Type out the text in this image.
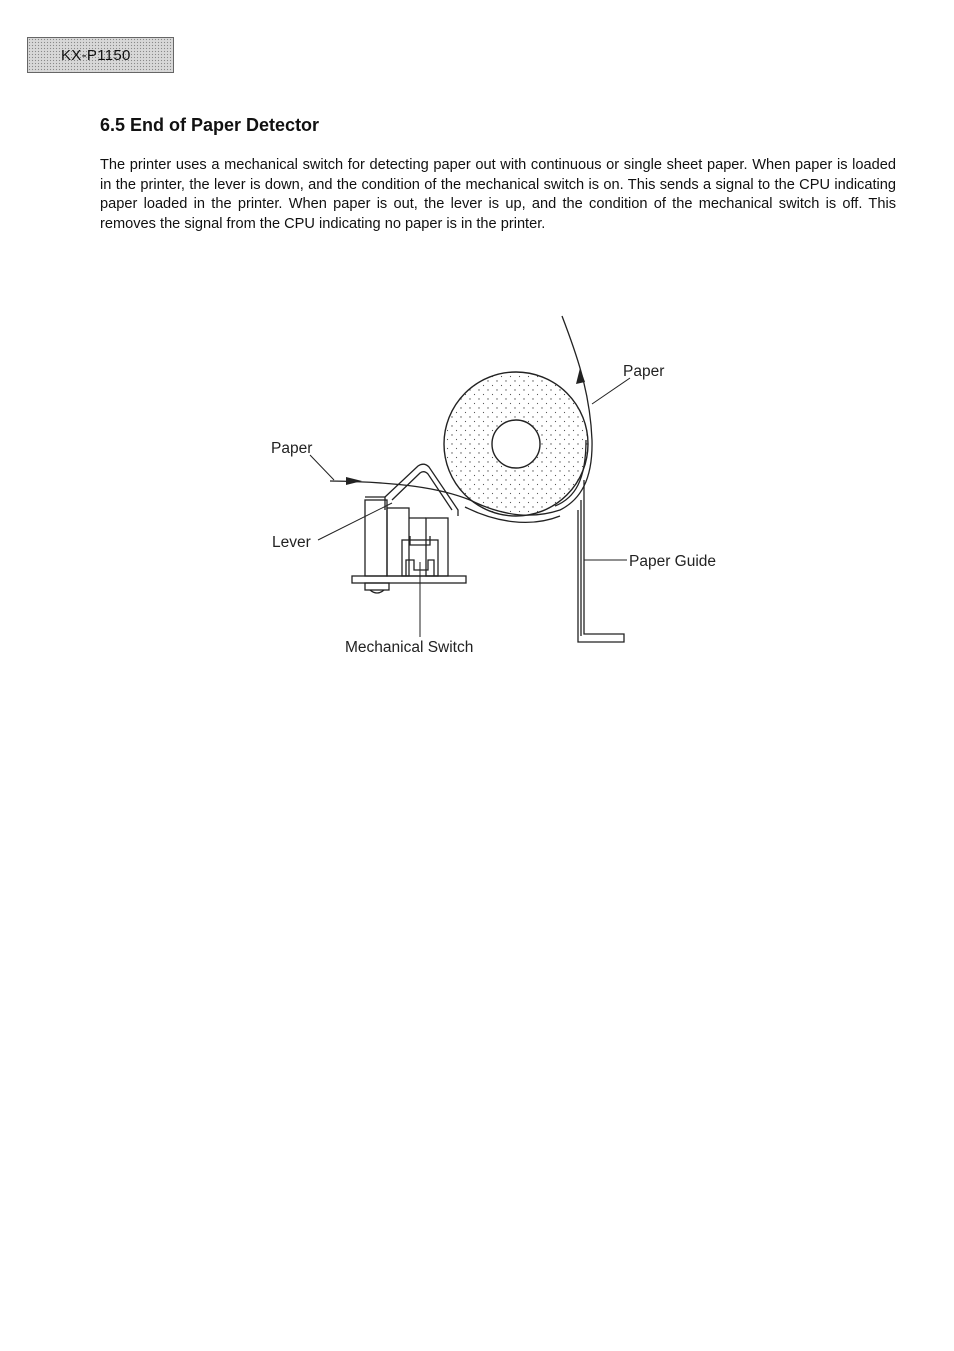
KX-P1150
6.5 End of Paper Detector

The printer uses a mechanical switch for detecting paper out with continuous or single sheet paper. When paper is loaded in the printer, the lever is down, and the condition of the mechanical switch is on. This sends a signal to the CPU indicating paper loaded in the printer. When paper is out, the lever is up, and the condition of the mechanical switch is off. This removes the signal from the CPU indicating no paper is in the printer.

Paper
Paper
Lever
Paper Guide
Mechanical Switch
